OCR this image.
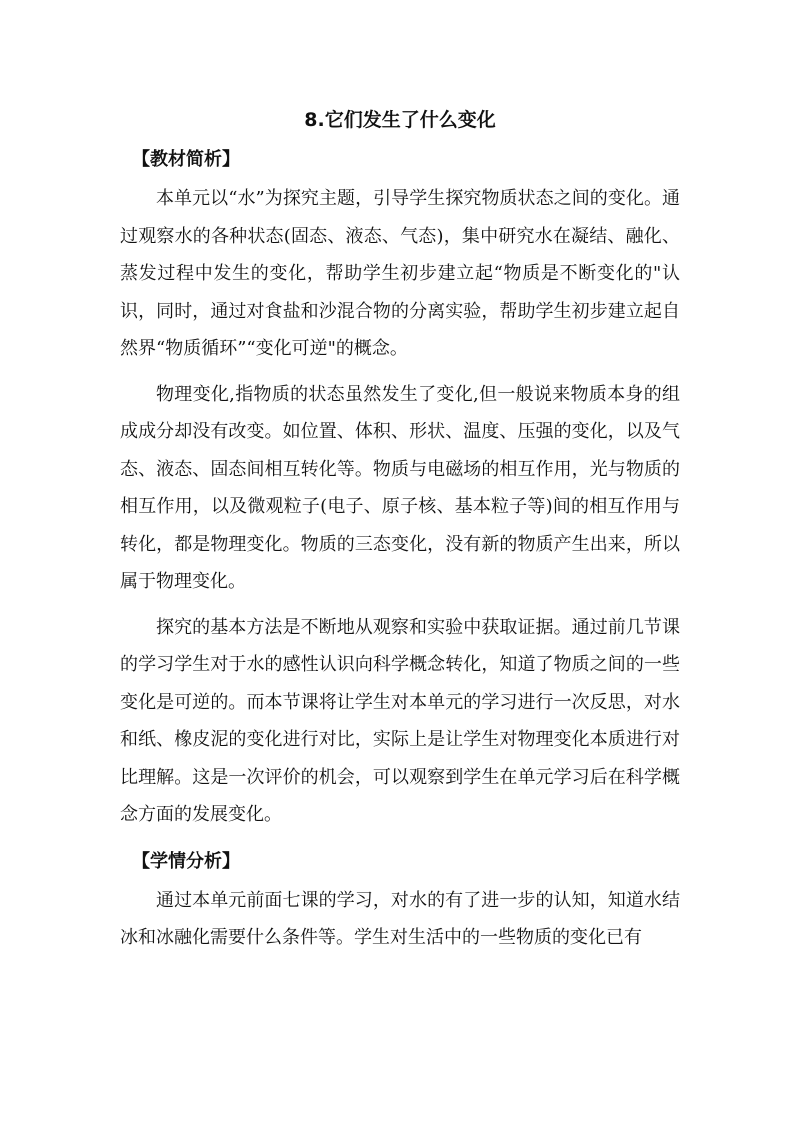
8.它们发生了什么变化
【教材简析】

本单元以“水”为探究主题，引导学生探究物质状态之间的变化。通过观察水的各种状态(固态、液态、气态)，集中研究水在凝结、融化、蒸发过程中发生的变化，帮助学生初步建立起“物质是不断变化的"认识，同时，通过对食盐和沙混合物的分离实验，帮助学生初步建立起自然界“物质循环”“变化可逆"的概念。

物理变化,指物质的状态虽然发生了变化,但一般说来物质本身的组成成分却没有改变。如位置、体积、形状、温度、压强的变化，以及气态、液态、固态间相互转化等。物质与电磁场的相互作用，光与物质的相互作用，以及微观粒子(电子、原子核、基本粒子等)间的相互作用与转化，都是物理变化。物质的三态变化，没有新的物质产生出来，所以属于物理变化。

探究的基本方法是不断地从观察和实验中获取证据。通过前几节课的学习学生对于水的感性认识向科学概念转化，知道了物质之间的一些变化是可逆的。而本节课将让学生对本单元的学习进行一次反思，对水和纸、橡皮泥的变化进行对比，实际上是让学生对物理变化本质进行对比理解。这是一次评价的机会，可以观察到学生在单元学习后在科学概念方面的发展变化。

【学情分析】

通过本单元前面七课的学习，对水的有了进一步的认知，知道水结冰和冰融化需要什么条件等。学生对生活中的一些物质的变化已有
